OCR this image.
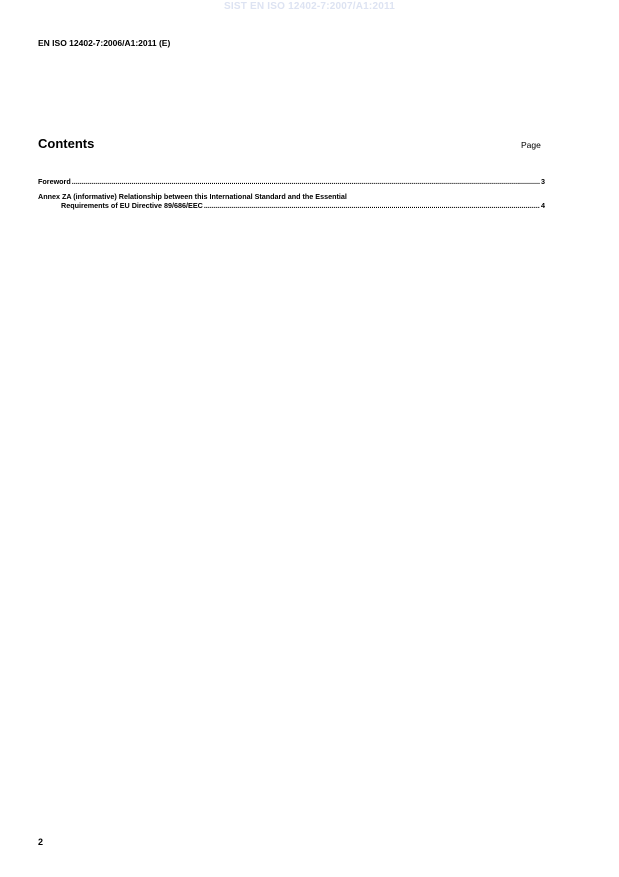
SIST EN ISO 12402-7:2007/A1:2011
EN ISO 12402-7:2006/A1:2011 (E)
Contents	Page
Foreword .....	3
Annex ZA (informative) Relationship between this International Standard and the Essential
Requirements of EU Directive 89/686/EEC .....	4
2
